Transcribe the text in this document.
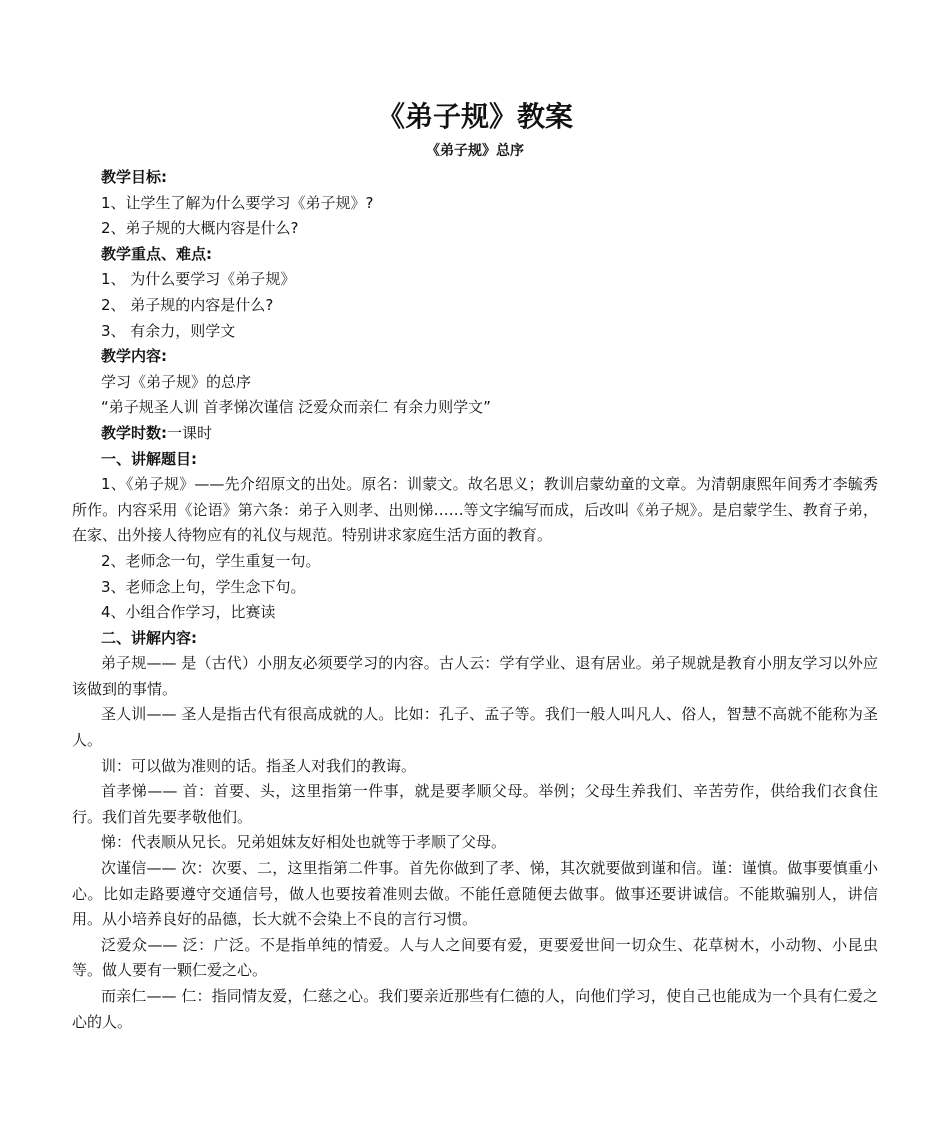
《弟子规》教案
《弟子规》总序
教学目标:
1、让学生了解为什么要学习《弟子规》?
2、弟子规的大概内容是什么?
教学重点、难点:
1、 为什么要学习《弟子规》
2、 弟子规的内容是什么?
3、 有余力，则学文
教学内容:
学习《弟子规》的总序
“弟子规圣人训 首孝悌次谨信 泛爱众而亲仁 有余力则学文”
教学时数:一课时
一、讲解题目:

1、《弟子规》——先介绍原文的出处。原名：训蒙文。故名思义；教训启蒙幼童的文章。为清朝康熙年间秀才李毓秀所作。内容采用《论语》第六条：弟子入则孝、出则悌……等文字编写而成，后改叫《弟子规》。是启蒙学生、教育子弟，在家、出外接人待物应有的礼仪与规范。特别讲求家庭生活方面的教育。

2、老师念一句，学生重复一句。
3、老师念上句，学生念下句。
4、小组合作学习，比赛读
二、讲解内容:

弟子规—— 是（古代）小朋友必须要学习的内容。古人云：学有学业、退有居业。弟子规就是教育小朋友学习以外应该做到的事情。

圣人训—— 圣人是指古代有很高成就的人。比如：孔子、孟子等。我们一般人叫凡人、俗人，智慧不高就不能称为圣人。

训：可以做为准则的话。指圣人对我们的教诲。

首孝悌—— 首：首要、头，这里指第一件事，就是要孝顺父母。举例；父母生养我们、辛苦劳作，供给我们衣食住行。我们首先要孝敬他们。

悌：代表顺从兄长。兄弟姐妹友好相处也就等于孝顺了父母。

次谨信—— 次：次要、二，这里指第二件事。首先你做到了孝、悌，其次就要做到谨和信。谨：谨慎。做事要慎重小心。比如走路要遵守交通信号，做人也要按着准则去做。不能任意随便去做事。做事还要讲诚信。不能欺骗别人，讲信用。从小培养良好的品德，长大就不会染上不良的言行习惯。

泛爱众—— 泛：广泛。不是指单纯的情爱。人与人之间要有爱，更要爱世间一切众生、花草树木，小动物、小昆虫等。做人要有一颗仁爱之心。

而亲仁—— 仁：指同情友爱，仁慈之心。我们要亲近那些有仁德的人，向他们学习，使自己也能成为一个具有仁爱之心的人。
